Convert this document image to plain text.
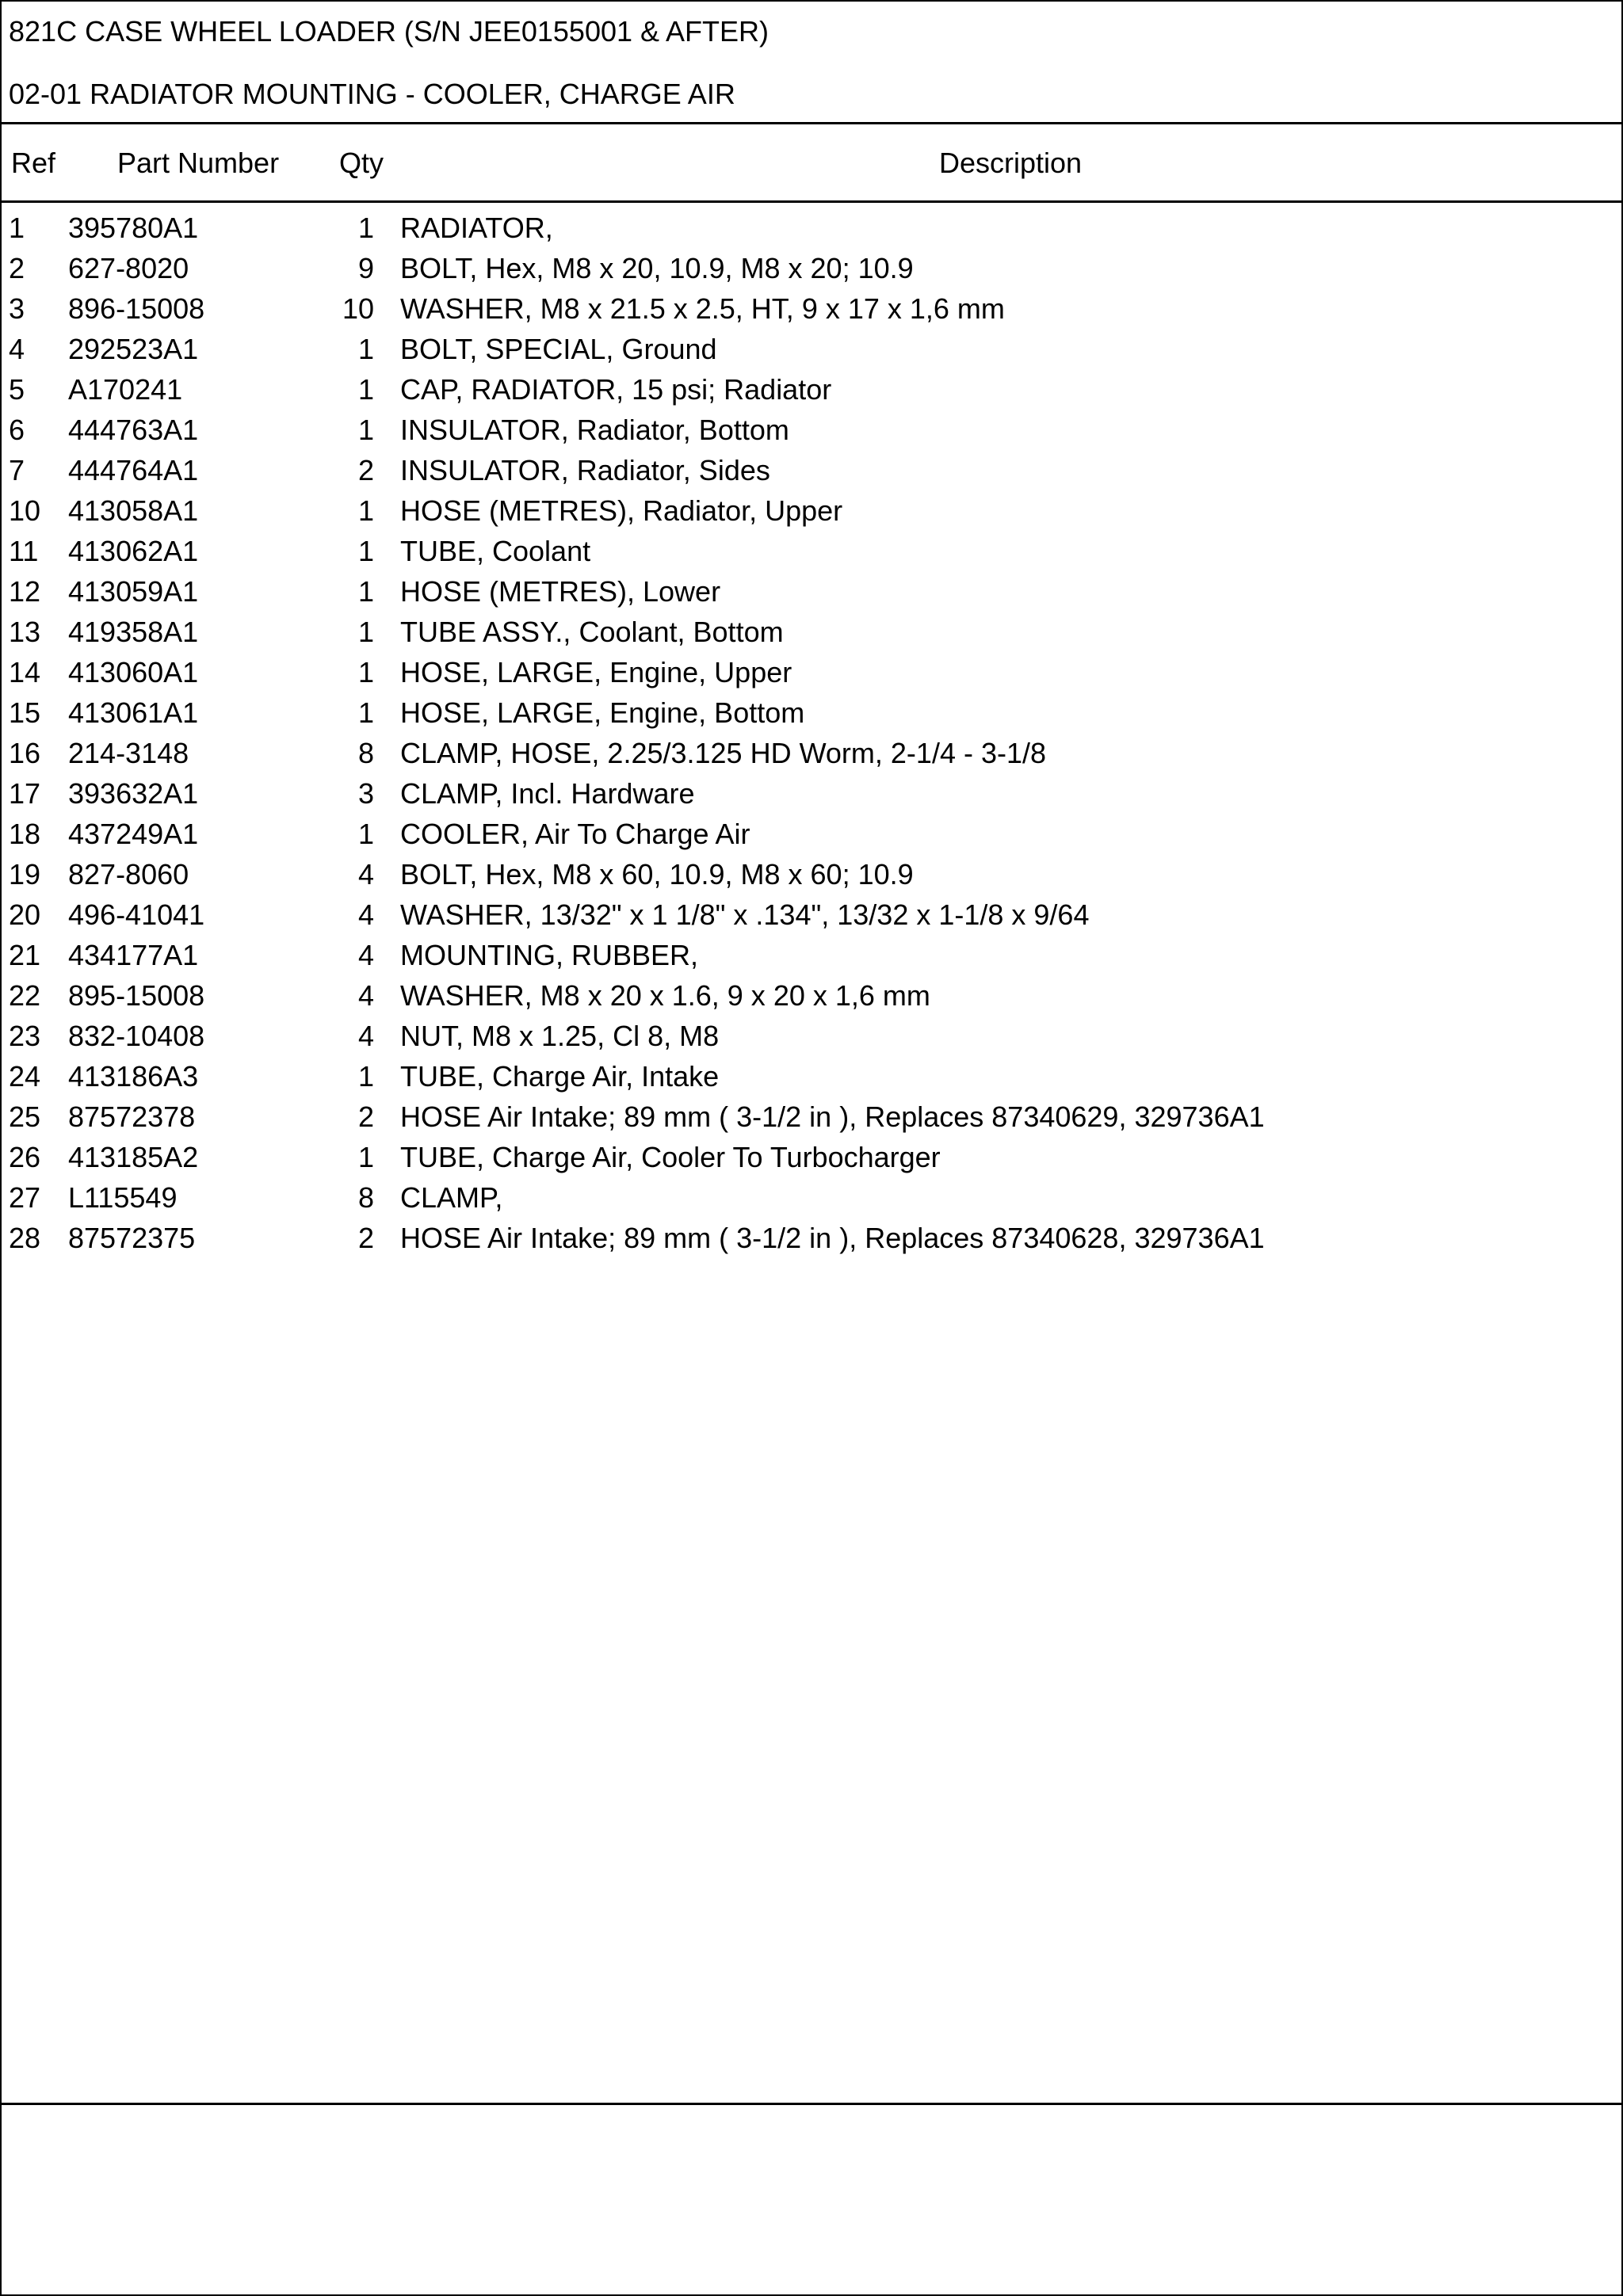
821C CASE WHEEL LOADER (S/N JEE0155001 & AFTER)
02-01 RADIATOR MOUNTING - COOLER, CHARGE AIR
Ref Part Number Qty	Description
1 395780A1	1 RADIATOR,
2 627-8020	9 BOLT, Hex, M8 x 20, 10.9, M8 x 20; 10.9
3 896-15008	10 WASHER, M8 x 21.5 x 2.5, HT, 9 x 17 x 1,6 mm
4 292523A1	1 BOLT, SPECIAL, Ground
5 A170241	1 CAP, RADIATOR, 15 psi; Radiator
6 444763A1	1 INSULATOR, Radiator, Bottom
7 444764A1	2 INSULATOR, Radiator, Sides
10 413058A1	1 HOSE (METRES), Radiator, Upper
11 413062A1	1 TUBE, Coolant
12 413059A1	1 HOSE (METRES), Lower
13 419358A1	1 TUBE ASSY., Coolant, Bottom
14 413060A1	1 HOSE, LARGE, Engine, Upper
15 413061A1	1 HOSE, LARGE, Engine, Bottom
16 214-3148	8 CLAMP, HOSE, 2.25/3.125 HD Worm, 2-1/4 - 3-1/8
17 393632A1	3 CLAMP, Incl. Hardware
18 437249A1	1 COOLER, Air To Charge Air
19 827-8060	4 BOLT, Hex, M8 x 60, 10.9, M8 x 60; 10.9
20 496-41041	4 WASHER, 13/32" x 1 1/8" x .134", 13/32 x 1-1/8 x 9/64
21 434177A1	4 MOUNTING, RUBBER,
22 895-15008	4 WASHER, M8 x 20 x 1.6, 9 x 20 x 1,6 mm
23 832-10408	4 NUT, M8 x 1.25, Cl 8, M8
24 413186A3	1 TUBE, Charge Air, Intake
25 87572378	2 HOSE Air Intake; 89 mm ( 3-1/2 in ), Replaces 87340629, 329736A1
26 413185A2	1 TUBE, Charge Air, Cooler To Turbocharger
27 L115549	8 CLAMP,
28 87572375	2 HOSE Air Intake; 89 mm ( 3-1/2 in ), Replaces 87340628, 329736A1
